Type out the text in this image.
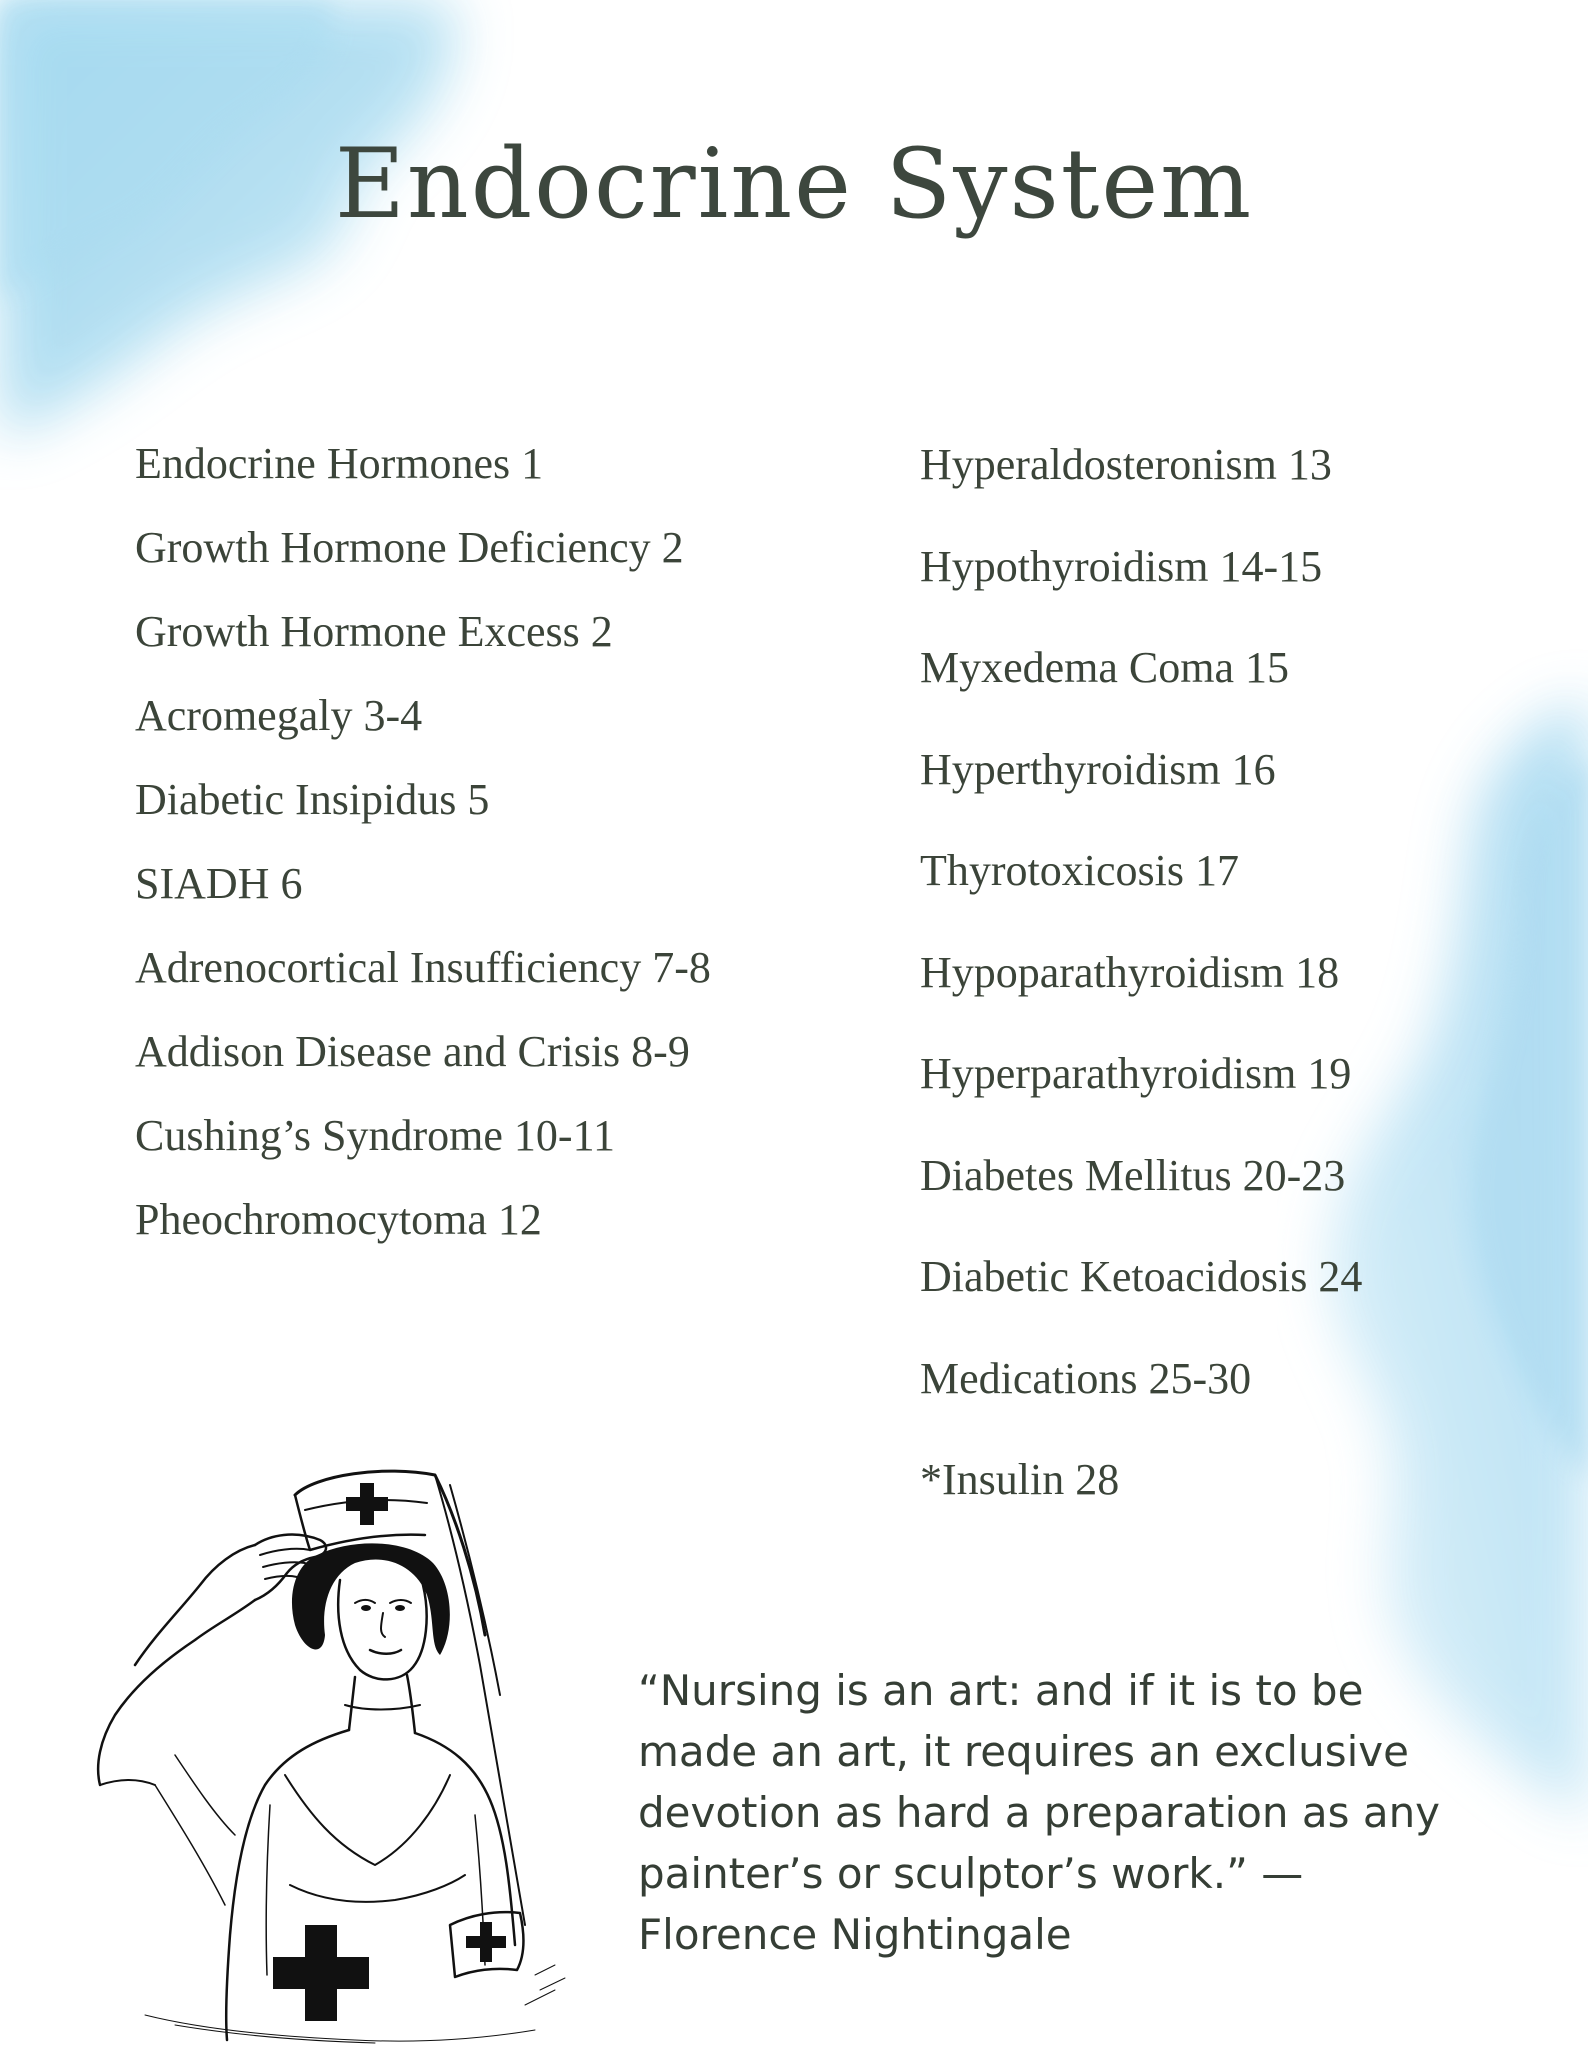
Endocrine System
Endocrine Hormones 1
Growth Hormone Deficiency 2
Growth Hormone Excess 2
Acromegaly 3-4
Diabetic Insipidus 5
SIADH 6
Adrenocortical Insufficiency 7-8
Addison Disease and Crisis 8-9
Cushing’s Syndrome 10-11
Pheochromocytoma 12
Hyperaldosteronism 13
Hypothyroidism 14-15
Myxedema Coma 15
Hyperthyroidism 16
Thyrotoxicosis 17
Hypoparathyroidism 18
Hyperparathyroidism 19
Diabetes Mellitus 20-23
Diabetic Ketoacidosis 24
Medications 25-30
*Insulin 28
“Nursing is an art: and if it is to be
made an art, it requires an exclusive
devotion as hard a preparation as any
painter’s or sculptor’s work.” —
Florence Nightingale
